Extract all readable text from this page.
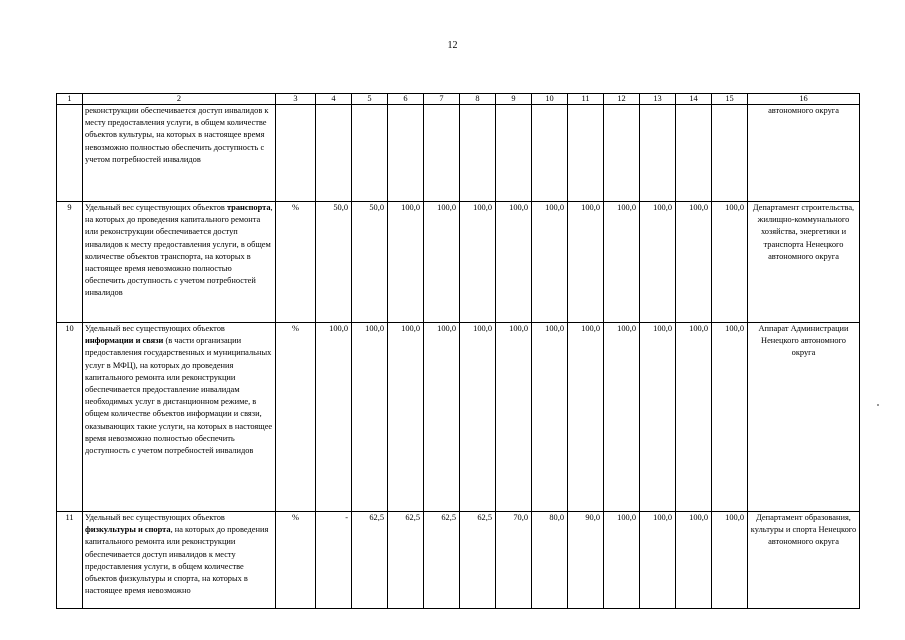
12
1	2	3	4	5	6	7	8	9	10	11	12	13	14	15	16
	реконструкции обеспечивается доступ инвалидов к месту предоставления услуги, в общем количестве объектов культуры, на которых в настоящее время невозможно полностью обеспечить доступность с учетом потребностей инвалидов														автономного округа
9	Удельный вес существующих объектов транспорта, на которых до проведения капитального ремонта или реконструкции обеспечивается доступ инвалидов к месту предоставления услуги, в общем количестве объектов транспорта, на которых в настоящее время невозможно полностью обеспечить доступность с учетом потребностей инвалидов	%	50,0	50,0	100,0	100,0	100,0	100,0	100,0	100,0	100,0	100,0	100,0	100,0	Департамент строительства, жилищно-коммунального хозяйства, энергетики и транспорта Ненецкого автономного округа
10	Удельный вес существующих объектов информации и связи (в части организации предоставления государственных и муниципальных услуг в МФЦ), на которых до проведения капитального ремонта или реконструкции обеспечивается предоставление инвалидам необходимых услуг в дистанционном режиме, в общем количестве объектов информации и связи, оказывающих такие услуги, на которых в настоящее время невозможно полностью обеспечить доступность с учетом потребностей инвалидов	%	100,0	100,0	100,0	100,0	100,0	100,0	100,0	100,0	100,0	100,0	100,0	100,0	Аппарат Администрации Ненецкого автономного округа
11	Удельный вес существующих объектов физкультуры и спорта, на которых до проведения капитального ремонта или реконструкции обеспечивается доступ инвалидов к месту предоставления услуги, в общем количестве объектов физкультуры и спорта, на которых в настоящее время невозможно	%	-	62,5	62,5	62,5	62,5	70,0	80,0	90,0	100,0	100,0	100,0	100,0	Департамент образования, культуры и спорта Ненецкого автономного округа
